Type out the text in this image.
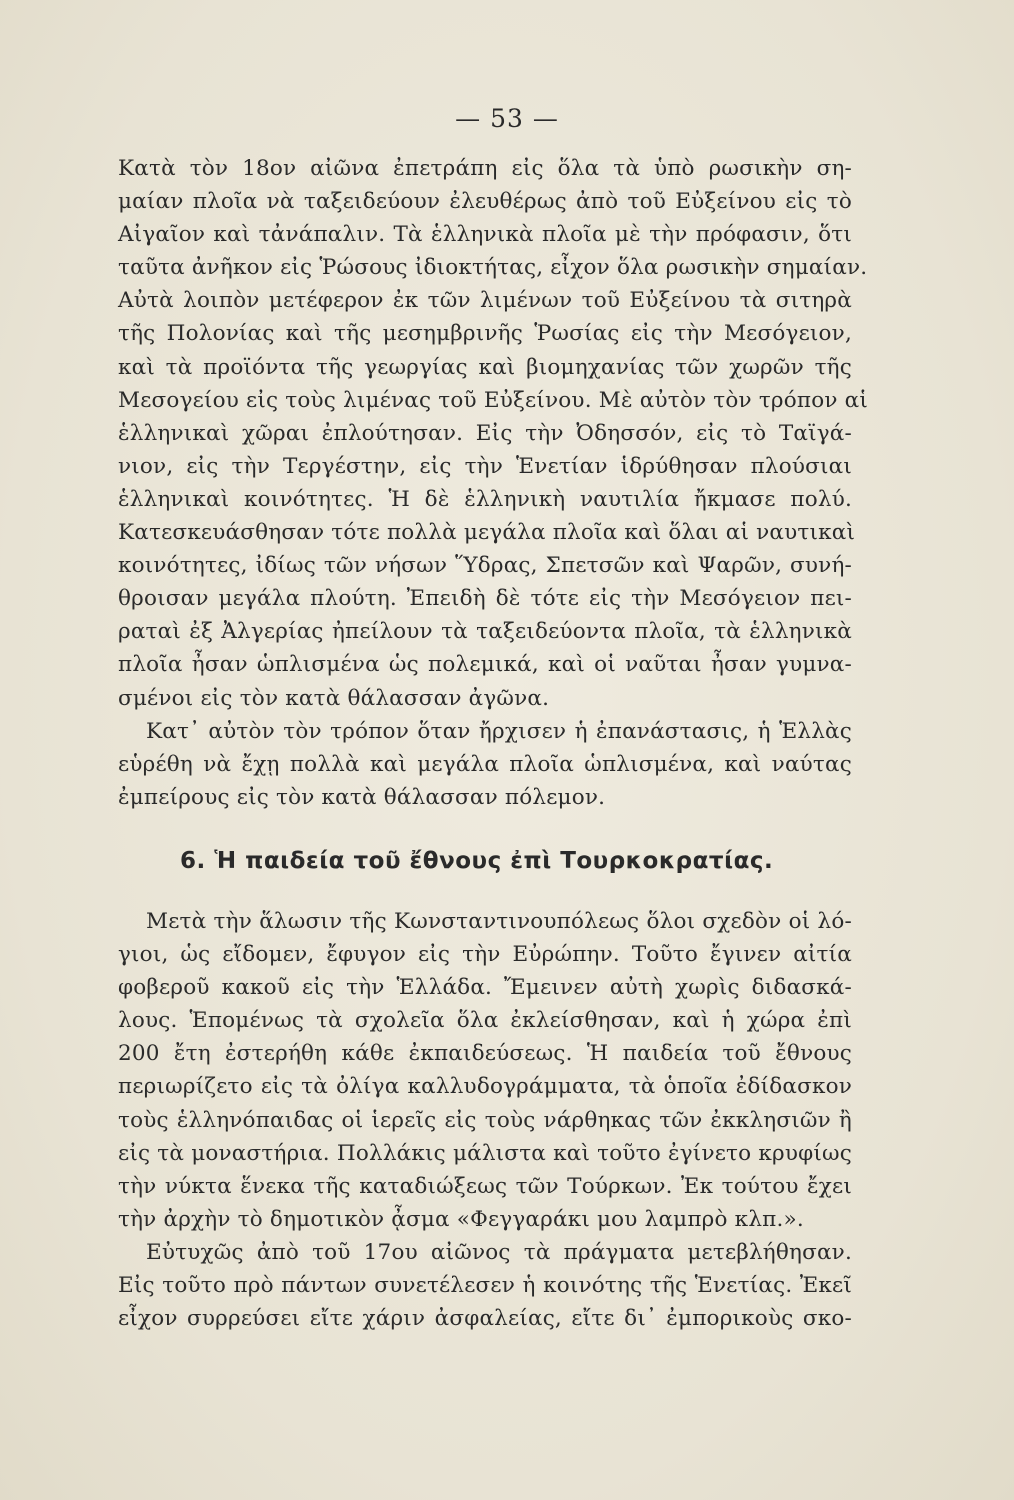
— 53 —
Κατὰ τὸν 18ον αἰῶνα ἐπετράπη εἰς ὅλα τὰ ὑπὸ ρωσικὴν ση-
μαίαν πλοῖα νὰ ταξειδεύουν ἐλευθέρως ἀπὸ τοῦ Εὐξείνου εἰς τὸ
Αἰγαῖον καὶ τἀνάπαλιν. Τὰ ἑλληνικὰ πλοῖα μὲ τὴν πρόφασιν, ὅτι
ταῦτα ἀνῆκον εἰς Ῥώσους ἰδιοκτήτας, εἶχον ὅλα ρωσικὴν σημαίαν.
Αὐτὰ λοιπὸν μετέφερον ἐκ τῶν λιμένων τοῦ Εὐξείνου τὰ σιτηρὰ
τῆς Πολονίας καὶ τῆς μεσημβρινῆς Ῥωσίας εἰς τὴν Μεσόγειον,
καὶ τὰ προϊόντα τῆς γεωργίας καὶ βιομηχανίας τῶν χωρῶν τῆς
Μεσογείου εἰς τοὺς λιμένας τοῦ Εὐξείνου. Μὲ αὐτὸν τὸν τρόπον αἱ
ἑλληνικαὶ χῶραι ἐπλούτησαν. Εἰς τὴν Ὀδησσόν, εἰς τὸ Ταϊγά-
νιον, εἰς τὴν Τεργέστην, εἰς τὴν Ἑνετίαν ἱδρύθησαν πλούσιαι
ἑλληνικαὶ κοινότητες. Ἡ δὲ ἑλληνικὴ ναυτιλία ἤκμασε πολύ.
Κατεσκευάσθησαν τότε πολλὰ μεγάλα πλοῖα καὶ ὅλαι αἱ ναυτικαὶ
κοινότητες, ἰδίως τῶν νήσων Ὕδρας, Σπετσῶν καὶ Ψαρῶν, συνή-
θροισαν μεγάλα πλούτη. Ἐπειδὴ δὲ τότε εἰς τὴν Μεσόγειον πει-
ραταὶ ἐξ Ἀλγερίας ἠπείλουν τὰ ταξειδεύοντα πλοῖα, τὰ ἑλληνικὰ
πλοῖα ἦσαν ὡπλισμένα ὡς πολεμικά, καὶ οἱ ναῦται ἦσαν γυμνα-
σμένοι εἰς τὸν κατὰ θάλασσαν ἀγῶνα.
Κατ᾿ αὐτὸν τὸν τρόπον ὅταν ἤρχισεν ἡ ἐπανάστασις, ἡ Ἑλλὰς
εὑρέθη νὰ ἔχῃ πολλὰ καὶ μεγάλα πλοῖα ὡπλισμένα, καὶ ναύτας
ἐμπείρους εἰς τὸν κατὰ θάλασσαν πόλεμον.
6. Ἡ παιδεία τοῦ ἔθνους ἐπὶ Τουρκοκρατίας.
Μετὰ τὴν ἅλωσιν τῆς Κωνσταντινουπόλεως ὅλοι σχεδὸν οἱ λό-
γιοι, ὡς εἴδομεν, ἔφυγον εἰς τὴν Εὐρώπην. Τοῦτο ἔγινεν αἰτία
φοβεροῦ κακοῦ εἰς τὴν Ἑλλάδα. Ἔμεινεν αὐτὴ χωρὶς διδασκά-
λους. Ἑπομένως τὰ σχολεῖα ὅλα ἐκλείσθησαν, καὶ ἡ χώρα ἐπὶ
200 ἔτη ἐστερήθη κάθε ἐκπαιδεύσεως. Ἡ παιδεία τοῦ ἔθνους
περιωρίζετο εἰς τὰ ὀλίγα καλλυδογράμματα, τὰ ὁποῖα ἐδίδασκον
τοὺς ἑλληνόπαιδας οἱ ἱερεῖς εἰς τοὺς νάρθηκας τῶν ἐκκλησιῶν ἢ
εἰς τὰ μοναστήρια. Πολλάκις μάλιστα καὶ τοῦτο ἐγίνετο κρυφίως
τὴν νύκτα ἕνεκα τῆς καταδιώξεως τῶν Τούρκων. Ἐκ τούτου ἔχει
τὴν ἀρχὴν τὸ δημοτικὸν ᾆσμα «Φεγγαράκι μου λαμπρὸ κλπ.».
Εὐτυχῶς ἀπὸ τοῦ 17ου αἰῶνος τὰ πράγματα μετεβλήθησαν.
Εἰς τοῦτο πρὸ πάντων συνετέλεσεν ἡ κοινότης τῆς Ἑνετίας. Ἐκεῖ
εἶχον συρρεύσει εἴτε χάριν ἀσφαλείας, εἴτε δι᾿ ἐμπορικοὺς σκο-
